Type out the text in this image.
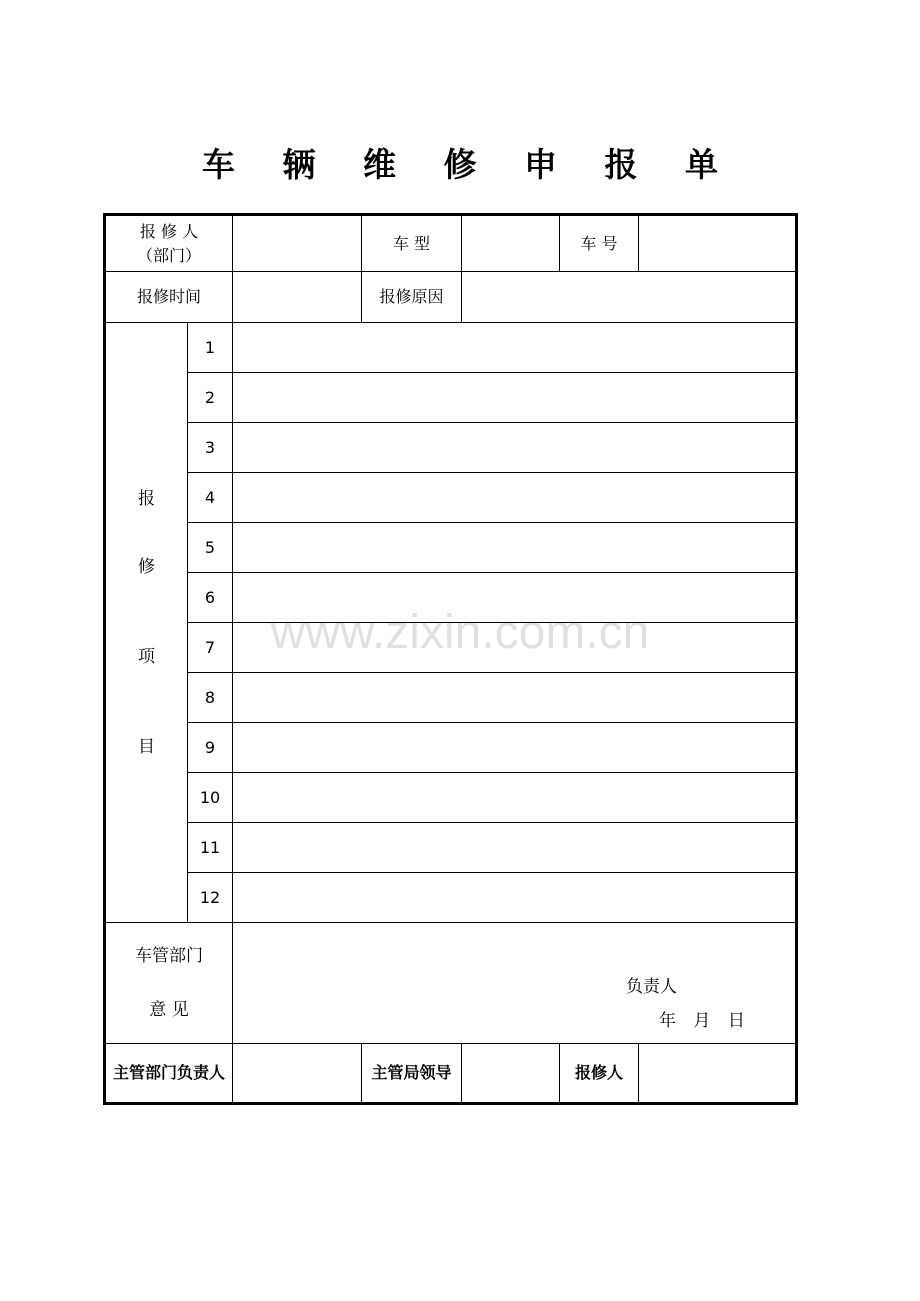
车 辆 维 修 申 报 单
报 修 人
（部门）			车 型		车 号	
报修时间			报修原因			

报
修
项
目	1					
	2					
	3					
	4					
	5					
	6					
	7					
	8					
	9					
	10					
	11					
	12					

车管部门
意 见		负责人
年 月 日				

主管部门负责人			主管局领导		报修人	
www.zixin.com.cn
